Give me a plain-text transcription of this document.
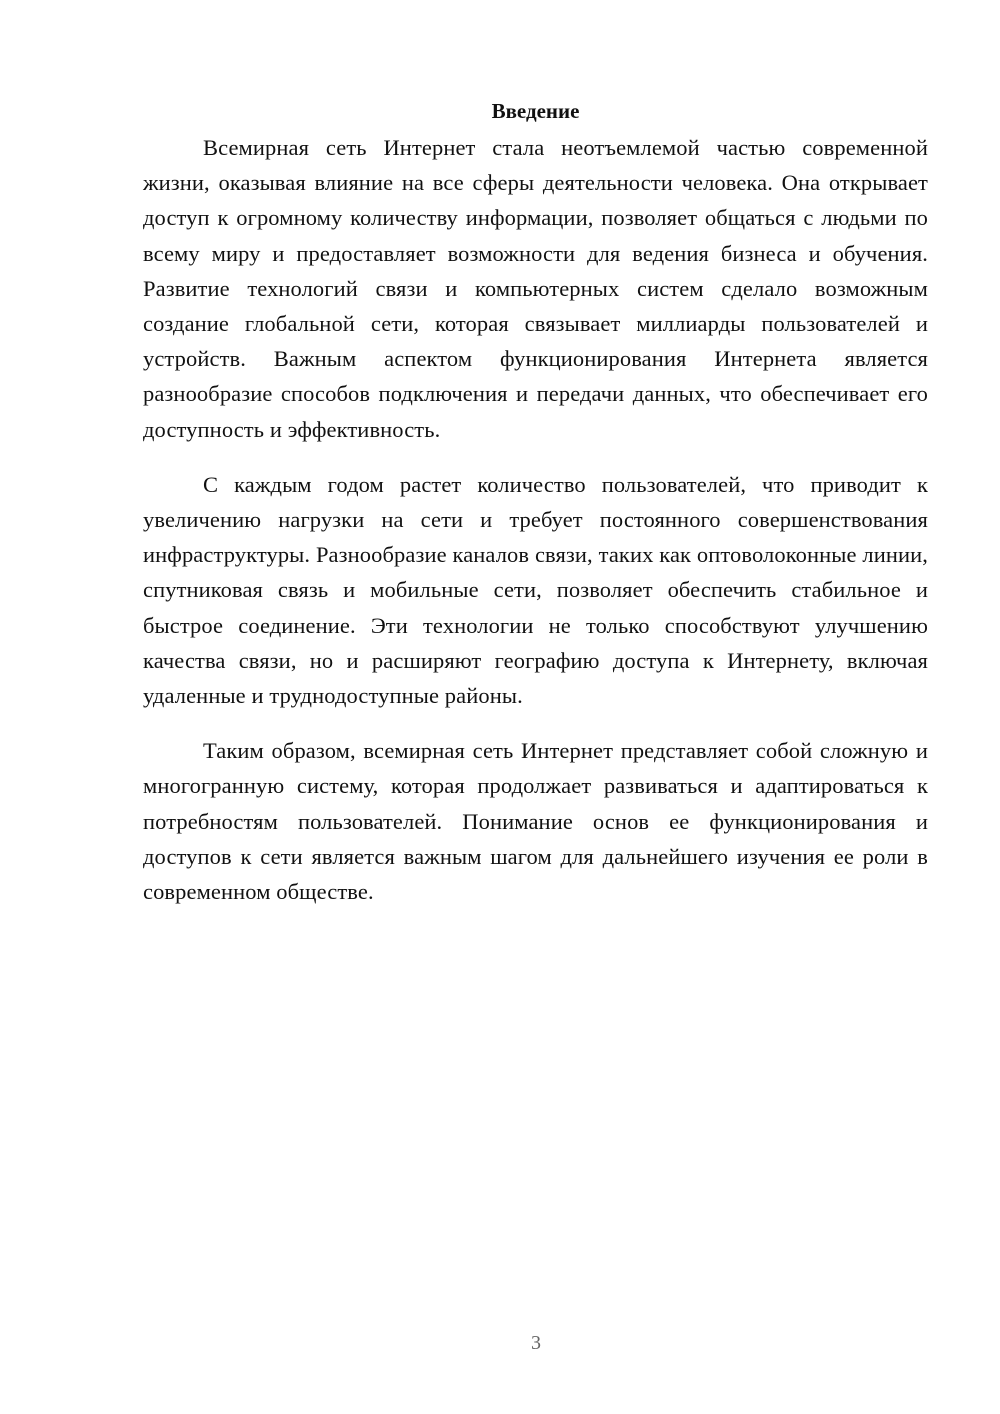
Введение

Всемирная сеть Интернет стала неотъемлемой частью современной жизни, оказывая влияние на все сферы деятельности человека. Она открывает доступ к огромному количеству информации, позволяет общаться с людьми по всему миру и предоставляет возможности для ведения бизнеса и обучения. Развитие технологий связи и компьютерных систем сделало возможным создание глобальной сети, которая связывает миллиарды пользователей и устройств. Важным аспектом функционирования Интернета является разнообразие способов подключения и передачи данных, что обеспечивает его доступность и эффективность.

С каждым годом растет количество пользователей, что приводит к увеличению нагрузки на сети и требует постоянного совершенствования инфраструктуры. Разнообразие каналов связи, таких как оптоволоконные линии, спутниковая связь и мобильные сети, позволяет обеспечить стабильное и быстрое соединение. Эти технологии не только способствуют улучшению качества связи, но и расширяют географию доступа к Интернету, включая удаленные и труднодоступные районы.

Таким образом, всемирная сеть Интернет представляет собой сложную и многогранную систему, которая продолжает развиваться и адаптироваться к потребностям пользователей. Понимание основ ее функционирования и доступов к сети является важным шагом для дальнейшего изучения ее роли в современном обществе.

3
